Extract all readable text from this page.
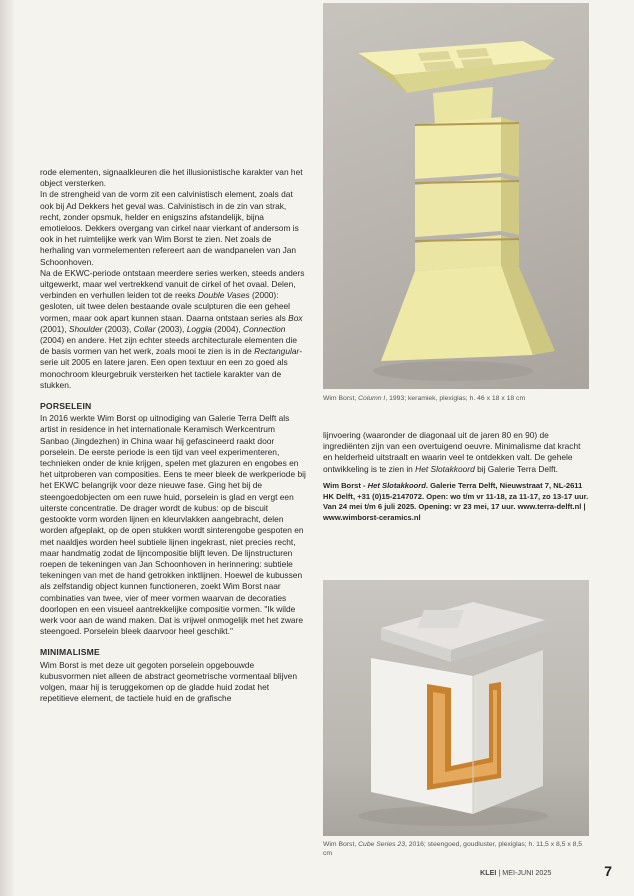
rode elementen, signaalkleuren die het illusionistische karakter van het object versterken.

In de strengheid van de vorm zit een calvinistisch element, zoals dat ook bij Ad Dekkers het geval was. Calvinistisch in de zin van strak, recht, zonder opsmuk, helder en enigszins afstandelijk, bijna emotieloos. Dekkers overgang van cirkel naar vierkant of andersom is ook in het ruimtelijke werk van Wim Borst te zien. Net zoals de herhaling van vormelementen refereert aan de wandpanelen van Jan Schoonhoven.

Na de EKWC-periode ontstaan meerdere series werken, steeds anders uitgewerkt, maar wel vertrekkend vanuit de cirkel of het ovaal. Delen, verbinden en verhullen leiden tot de reeks Double Vases (2000): gesloten, uit twee delen bestaande ovale sculpturen die een geheel vormen, maar ook apart kunnen staan. Daarna ontstaan series als Box (2001), Shoulder (2003), Collar (2003), Loggia (2004), Connection (2004) en andere. Het zijn echter steeds architecturale elementen die de basis vormen van het werk, zoals mooi te zien is in de Rectangular-serie uit 2005 en latere jaren. Een open textuur en een zo goed als monochroom kleurgebruik versterken het tactiele karakter van de stukken.

PORSELEIN

In 2016 werkte Wim Borst op uitnodiging van Galerie Terra Delft als artist in residence in het internationale Keramisch Werkcentrum Sanbao (Jingdezhen) in China waar hij gefascineerd raakt door porselein. De eerste periode is een tijd van veel experimenteren, technieken onder de knie krijgen, spelen met glazuren en engobes en het uitproberen van composities. Eens te meer bleek de werkperiode bij het EKWC belangrijk voor deze nieuwe fase. Ging het bij de steengoedobjecten om een ruwe huid, porselein is glad en vergt een uiterste concentratie. De drager wordt de kubus: op de biscuit gestookte vorm worden lijnen en kleurvlakken aangebracht, delen worden afgeplakt, op de open stukken wordt sinterengobe gespoten en met naaldjes worden heel subtiele lijnen ingekrast, niet precies recht, maar handmatig zodat de lijncompositie blijft leven. De lijnstructuren roepen de tekeningen van Jan Schoonhoven in herinnering: subtiele tekeningen van met de hand getrokken inktlijnen. Hoewel de kubussen als zelfstandig object kunnen functioneren, zoekt Wim Borst naar combinaties van twee, vier of meer vormen waarvan de decoraties doorlopen en een visueel aantrekkelijke compositie vormen. "Ik wilde werk voor aan de wand maken. Dat is vrijwel onmogelijk met het zware steengoed. Porselein bleek daarvoor heel geschikt."

MINIMALISME

Wim Borst is met deze uit gegoten porselein opgebouwde kubusvormen niet alleen de abstract geometrische vormentaal blijven volgen, maar hij is teruggekomen op de gladde huid zodat het repetitieve element, de tactiele huid en de grafische

Wim Borst, Column I, 1993; keramiek, plexiglas; h. 46 x 18 x 18 cm

lijnvoering (waaronder de diagonaal uit de jaren 80 en 90) de ingrediënten zijn van een overtuigend oeuvre. Minimalisme dat kracht en helderheid uitstraalt en waarin veel te ontdekken valt. De gehele ontwikkeling is te zien in Het Slotakkoord bij Galerie Terra Delft.

Wim Borst - Het Slotakkoord. Galerie Terra Delft, Nieuwstraat 7, NL-2611 HK Delft, +31 (0)15-2147072. Open: wo t/m vr 11-18, za 11-17, zo 13-17 uur. Van 24 mei t/m 6 juli 2025. Opening: vr 23 mei, 17 uur. www.terra-delft.nl | www.wimborst-ceramics.nl
Wim Borst, Cube Series 23, 2016; steengoed, goudluster, plexiglas; h. 11,5 x 8,5 x 8,5 cm
KLEI | MEI-JUNI 2025	7
